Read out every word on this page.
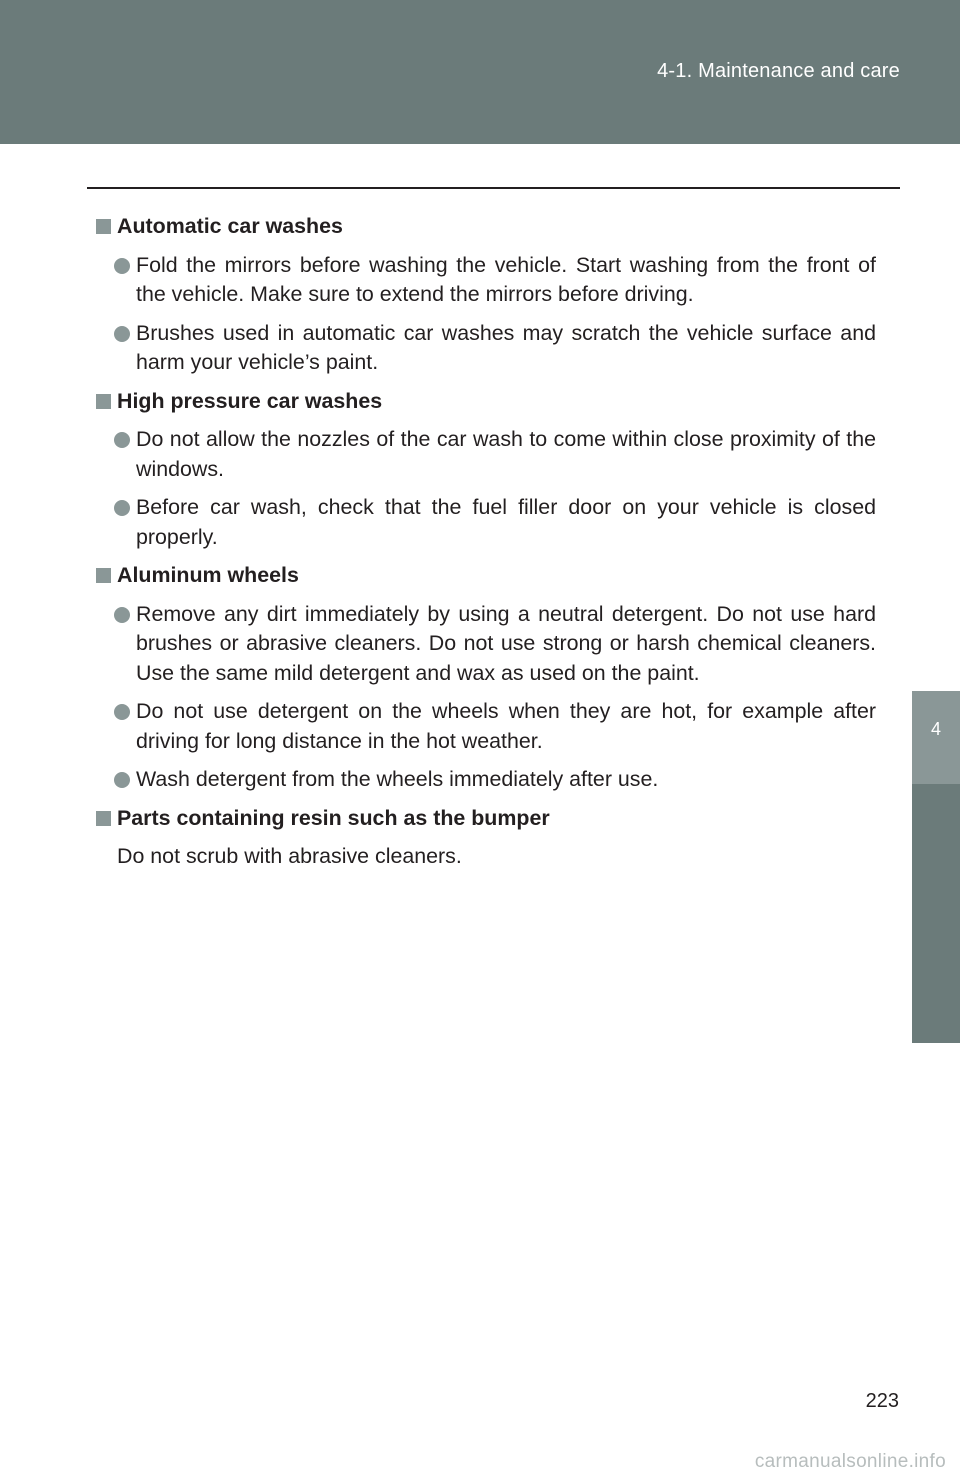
4-1. Maintenance and care
4
Maintenance and care
Automatic car washes
Fold the mirrors before washing the vehicle. Start washing from the front of the vehicle. Make sure to extend the mirrors before driving.
Brushes used in automatic car washes may scratch the vehicle surface and harm your vehicle’s paint.
High pressure car washes
Do not allow the nozzles of the car wash to come within close proximity of the windows.
Before car wash, check that the fuel filler door on your vehicle is closed properly.
Aluminum wheels
Remove any dirt immediately by using a neutral detergent. Do not use hard brushes or abrasive cleaners. Do not use strong or harsh chemical cleaners. Use the same mild detergent and wax as used on the paint.
Do not use detergent on the wheels when they are hot, for example after driving for long distance in the hot weather.
Wash detergent from the wheels immediately after use.
Parts containing resin such as the bumper
Do not scrub with abrasive cleaners.
223
carmanualsonline.info
